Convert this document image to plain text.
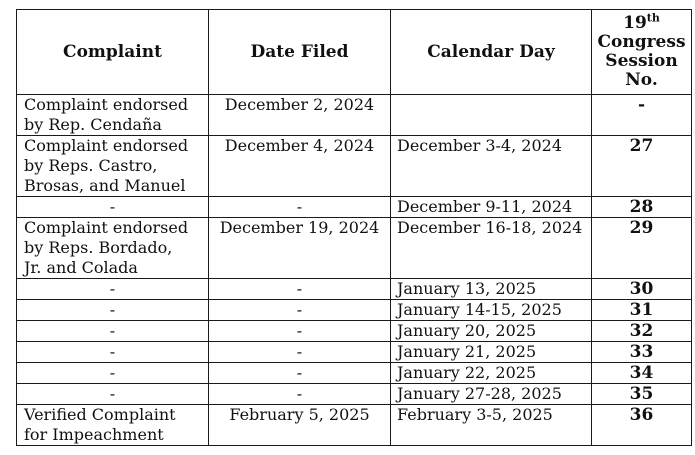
Complaint	Date Filed	Calendar Day	19th
Congress
Session
No.
Complaint endorsed
by Rep. Cendaña	December 2, 2024		-
Complaint endorsed
by Reps. Castro,
Brosas, and Manuel	December 4, 2024	December 3-4, 2024	27
-	-	December 9-11, 2024	28
Complaint endorsed
by Reps. Bordado,
Jr. and Colada	December 19, 2024	December 16-18, 2024	29
-	-	January 13, 2025	30
-	-	January 14-15, 2025	31
-	-	January 20, 2025	32
-	-	January 21, 2025	33
-	-	January 22, 2025	34
-	-	January 27-28, 2025	35
Verified Complaint
for Impeachment	February 5, 2025	February 3-5, 2025	36
